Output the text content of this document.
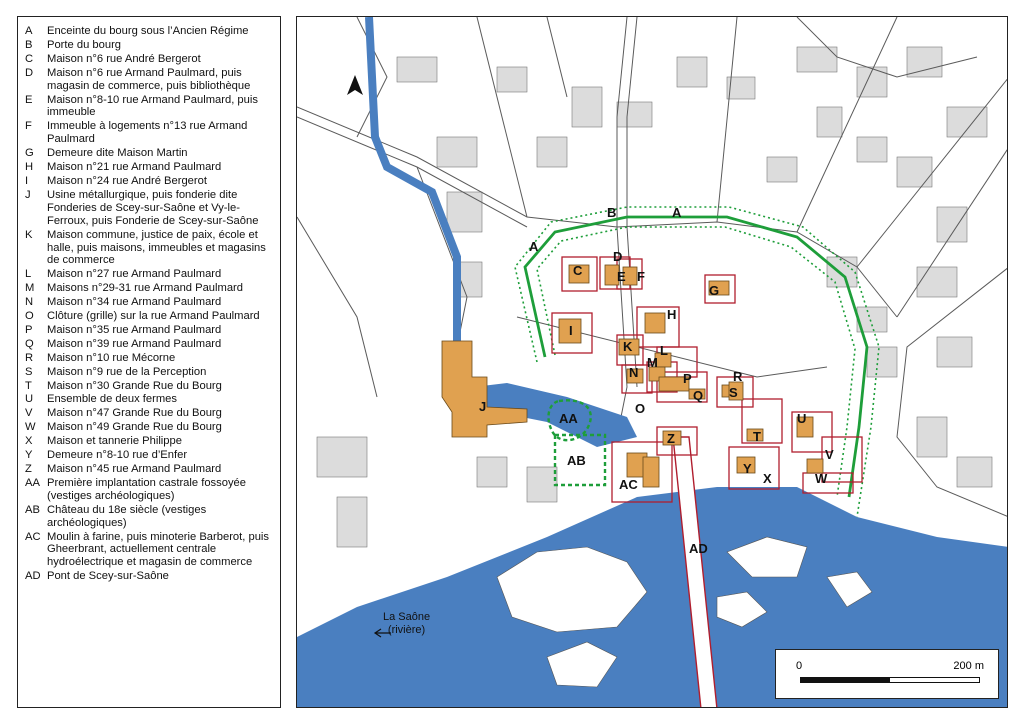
A	Enceinte du bourg sous l’Ancien Régime
B	Porte du bourg
C	Maison n°6 rue André Bergerot
D	Maison n°6 rue Armand Paulmard, puis magasin de commerce, puis bibliothèque
E	Maison n°8-10 rue Armand Paulmard, puis immeuble
F	Immeuble à logements n°13 rue Armand Paulmard
G	Demeure dite Maison Martin
H	Maison n°21 rue Armand Paulmard
I	Maison n°24 rue André Bergerot
J	Usine métallurgique, puis fonderie dite Fonderies de Scey-sur-Saône et Vy-le-Ferroux, puis Fonderie de Scey-sur-Saône
K	Maison commune, justice de paix, école et halle, puis maisons, immeubles et magasins de commerce
L	Maison n°27 rue Armand Paulmard
M	Maisons n°29-31 rue Armand Paulmard
N	Maison n°34 rue Armand Paulmard
O	Clôture (grille) sur la rue Armand Paulmard
P	Maison n°35 rue Armand Paulmard
Q	Maison n°39 rue Armand Paulmard
R	Maison n°10 rue Mécorne
S	Maison n°9 rue de la Perception
T	Maison n°30 Grande Rue du Bourg
U	Ensemble de deux fermes
V	Maison n°47 Grande Rue du Bourg
W	Maison n°49 Grande Rue du Bourg
X	Maison et tannerie Philippe
Y	Demeure n°8-10 rue d’Enfer
Z	Maison n°45 rue Armand Paulmard
AA Première implantation castrale fossoyée (vestiges archéologiques)
AB Château du 18e siècle (vestiges archéologiques)
AC Moulin à farine, puis minoterie Barberot, puis Gheerbrant, actuellement centrale hydroélectrique et magasin de commerce
AD Pont de Scey-sur-Saône
A
A
B
C
D
E F
G
H
I
J
K L
M
N
O
P
Q
R
S
T
U
V
W
X
Y
Z
AA
AB
AC
AD
La Saône
(rivière)
0	200 m
